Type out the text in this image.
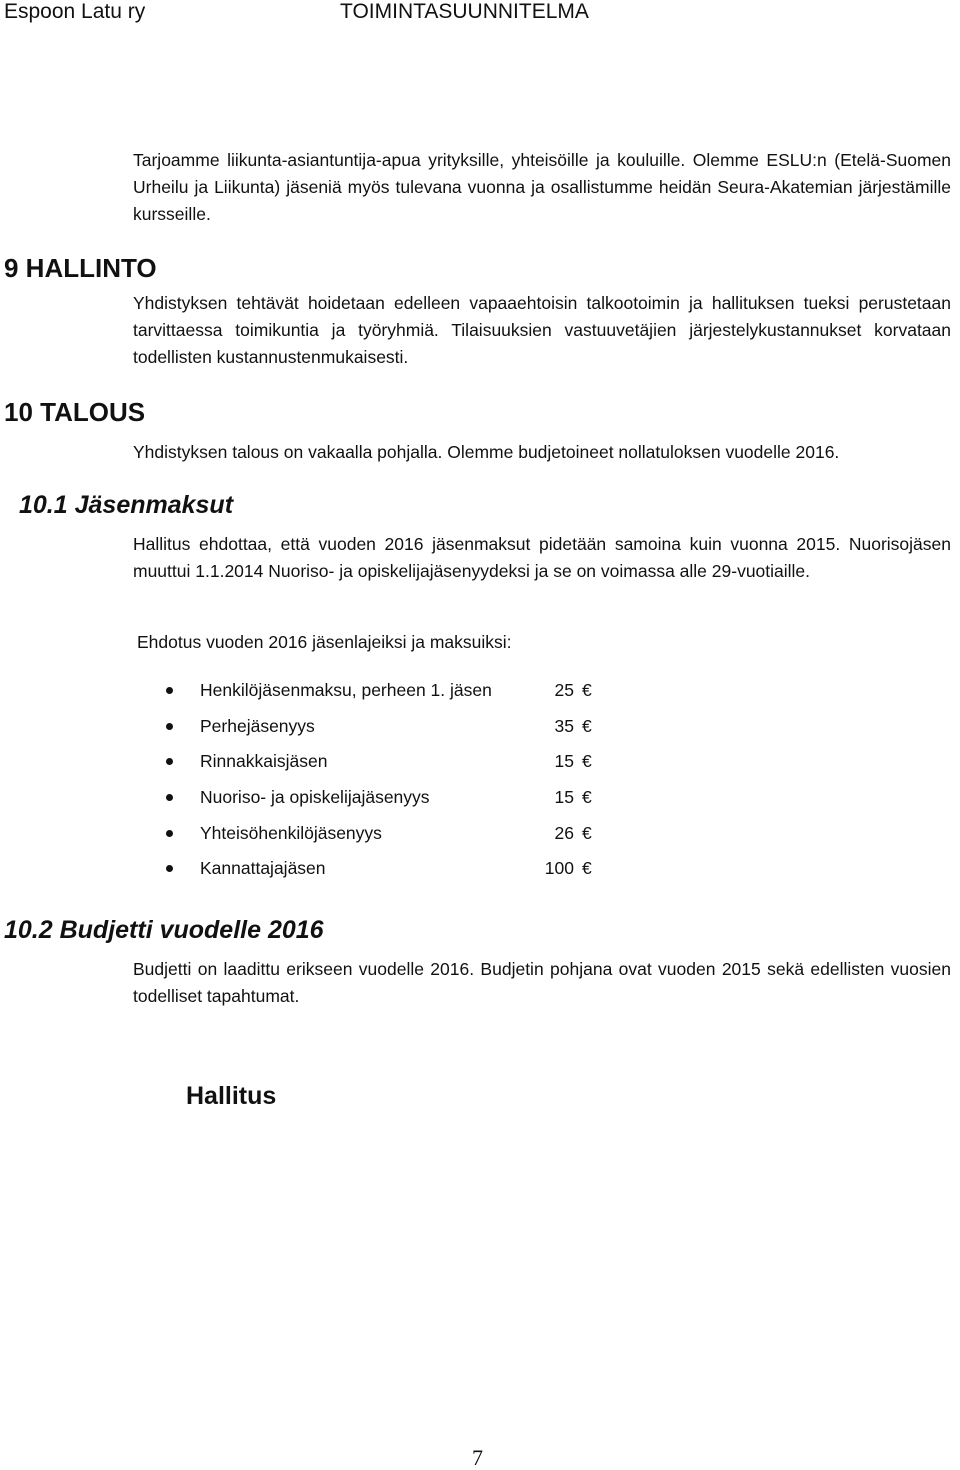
Espoon Latu ry	TOIMINTASUUNNITELMA

Tarjoamme liikunta-asiantuntija-apua yrityksille, yhteisöille ja kouluille. Olemme ESLU:n (Etelä-Suomen Urheilu ja Liikunta) jäseniä myös tulevana vuonna ja osallistumme heidän Seura-Akatemian järjestämille kursseille.

9 HALLINTO

Yhdistyksen tehtävät hoidetaan edelleen vapaaehtoisin talkootoimin ja hallituksen tueksi perustetaan tarvittaessa toimikuntia ja työryhmiä. Tilaisuuksien vastuuvetäjien järjestelykustannukset korvataan todellisten kustannustenmukaisesti.

10 TALOUS

Yhdistyksen talous on vakaalla pohjalla. Olemme budjetoineet nollatuloksen vuodelle 2016.

10.1 Jäsenmaksut

Hallitus ehdottaa, että vuoden 2016 jäsenmaksut pidetään samoina kuin vuonna 2015. Nuorisojäsen muuttui 1.1.2014 Nuoriso- ja opiskelijajäsenyydeksi ja se on voimassa alle 29-vuotiaille.

Ehdotus vuoden 2016 jäsenlajeiksi ja maksuiksi:

Henkilöjäsenmaksu, perheen 1. jäsen	25 €
Perhejäsenyys	35 €
Rinnakkaisjäsen	15 €
Nuoriso- ja opiskelijajäsenyys	15 €
Yhteisöhenkilöjäsenyys	26 €
Kannattajajäsen	100 €
10.2 Budjetti vuodelle 2016

Budjetti on laadittu erikseen vuodelle 2016. Budjetin pohjana ovat vuoden 2015 sekä edellisten vuosien todelliset tapahtumat.

Hallitus
7
